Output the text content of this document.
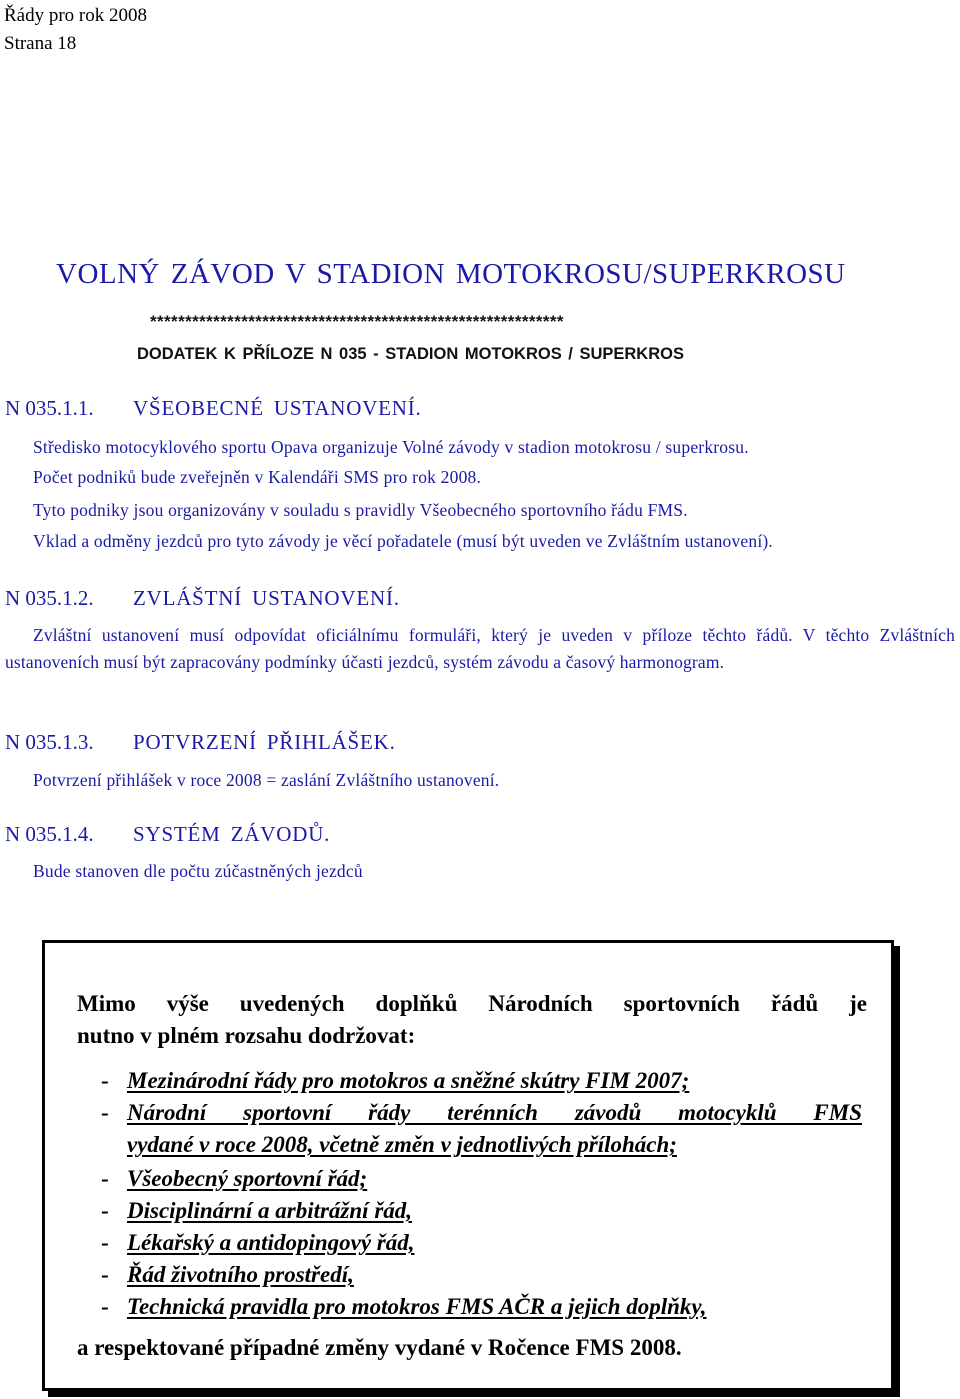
Řády pro rok 2008
Strana 18
VOLNÝ ZÁVOD V STADION MOTOKROSU/SUPERKROSU
***********************************************************
DODATEK K PŘÍLOZE N 035 - STADION MOTOKROS / SUPERKROS
N 035.1.1. VŠEOBECNÉ USTANOVENÍ.
Středisko motocyklového sportu Opava organizuje Volné závody v stadion motokrosu / superkrosu.
Počet podniků bude zveřejněn v Kalendáři SMS pro rok 2008.
Tyto podniky jsou organizovány v souladu s pravidly Všeobecného sportovního řádu FMS.
Vklad a odměny jezdců pro tyto závody je věcí pořadatele (musí být uveden ve Zvláštním ustanovení).
N 035.1.2. ZVLÁŠTNÍ USTANOVENÍ.
Zvláštní ustanovení musí odpovídat oficiálnímu formuláři, který je uveden v příloze těchto řádů. V těchto Zvláštních ustanoveních musí být zapracovány podmínky účasti jezdců, systém závodu a časový harmonogram.
N 035.1.3. POTVRZENÍ PŘIHLÁŠEK.
Potvrzení přihlášek v roce 2008 = zaslání Zvláštního ustanovení.
N 035.1.4. SYSTÉM ZÁVODŮ.
Bude stanoven dle počtu zúčastněných jezdců
Mimo výše uvedených doplňků Národních sportovních řádů je
nutno v plném rozsahu dodržovat:
- Mezinárodní řády pro motokros a sněžné skútry FIM 2007;
- Národní sportovní řády terénních závodů motocyklů FMS
vydané v roce 2008, včetně změn v jednotlivých přílohách;
- Všeobecný sportovní řád;
- Disciplinární a arbitrážní řád,
- Lékařský a antidopingový řád,
- Řád životního prostředí,
- Technická pravidla pro motokros FMS AČR a jejich doplňky,
a respektované případné změny vydané v Ročence FMS 2008.
